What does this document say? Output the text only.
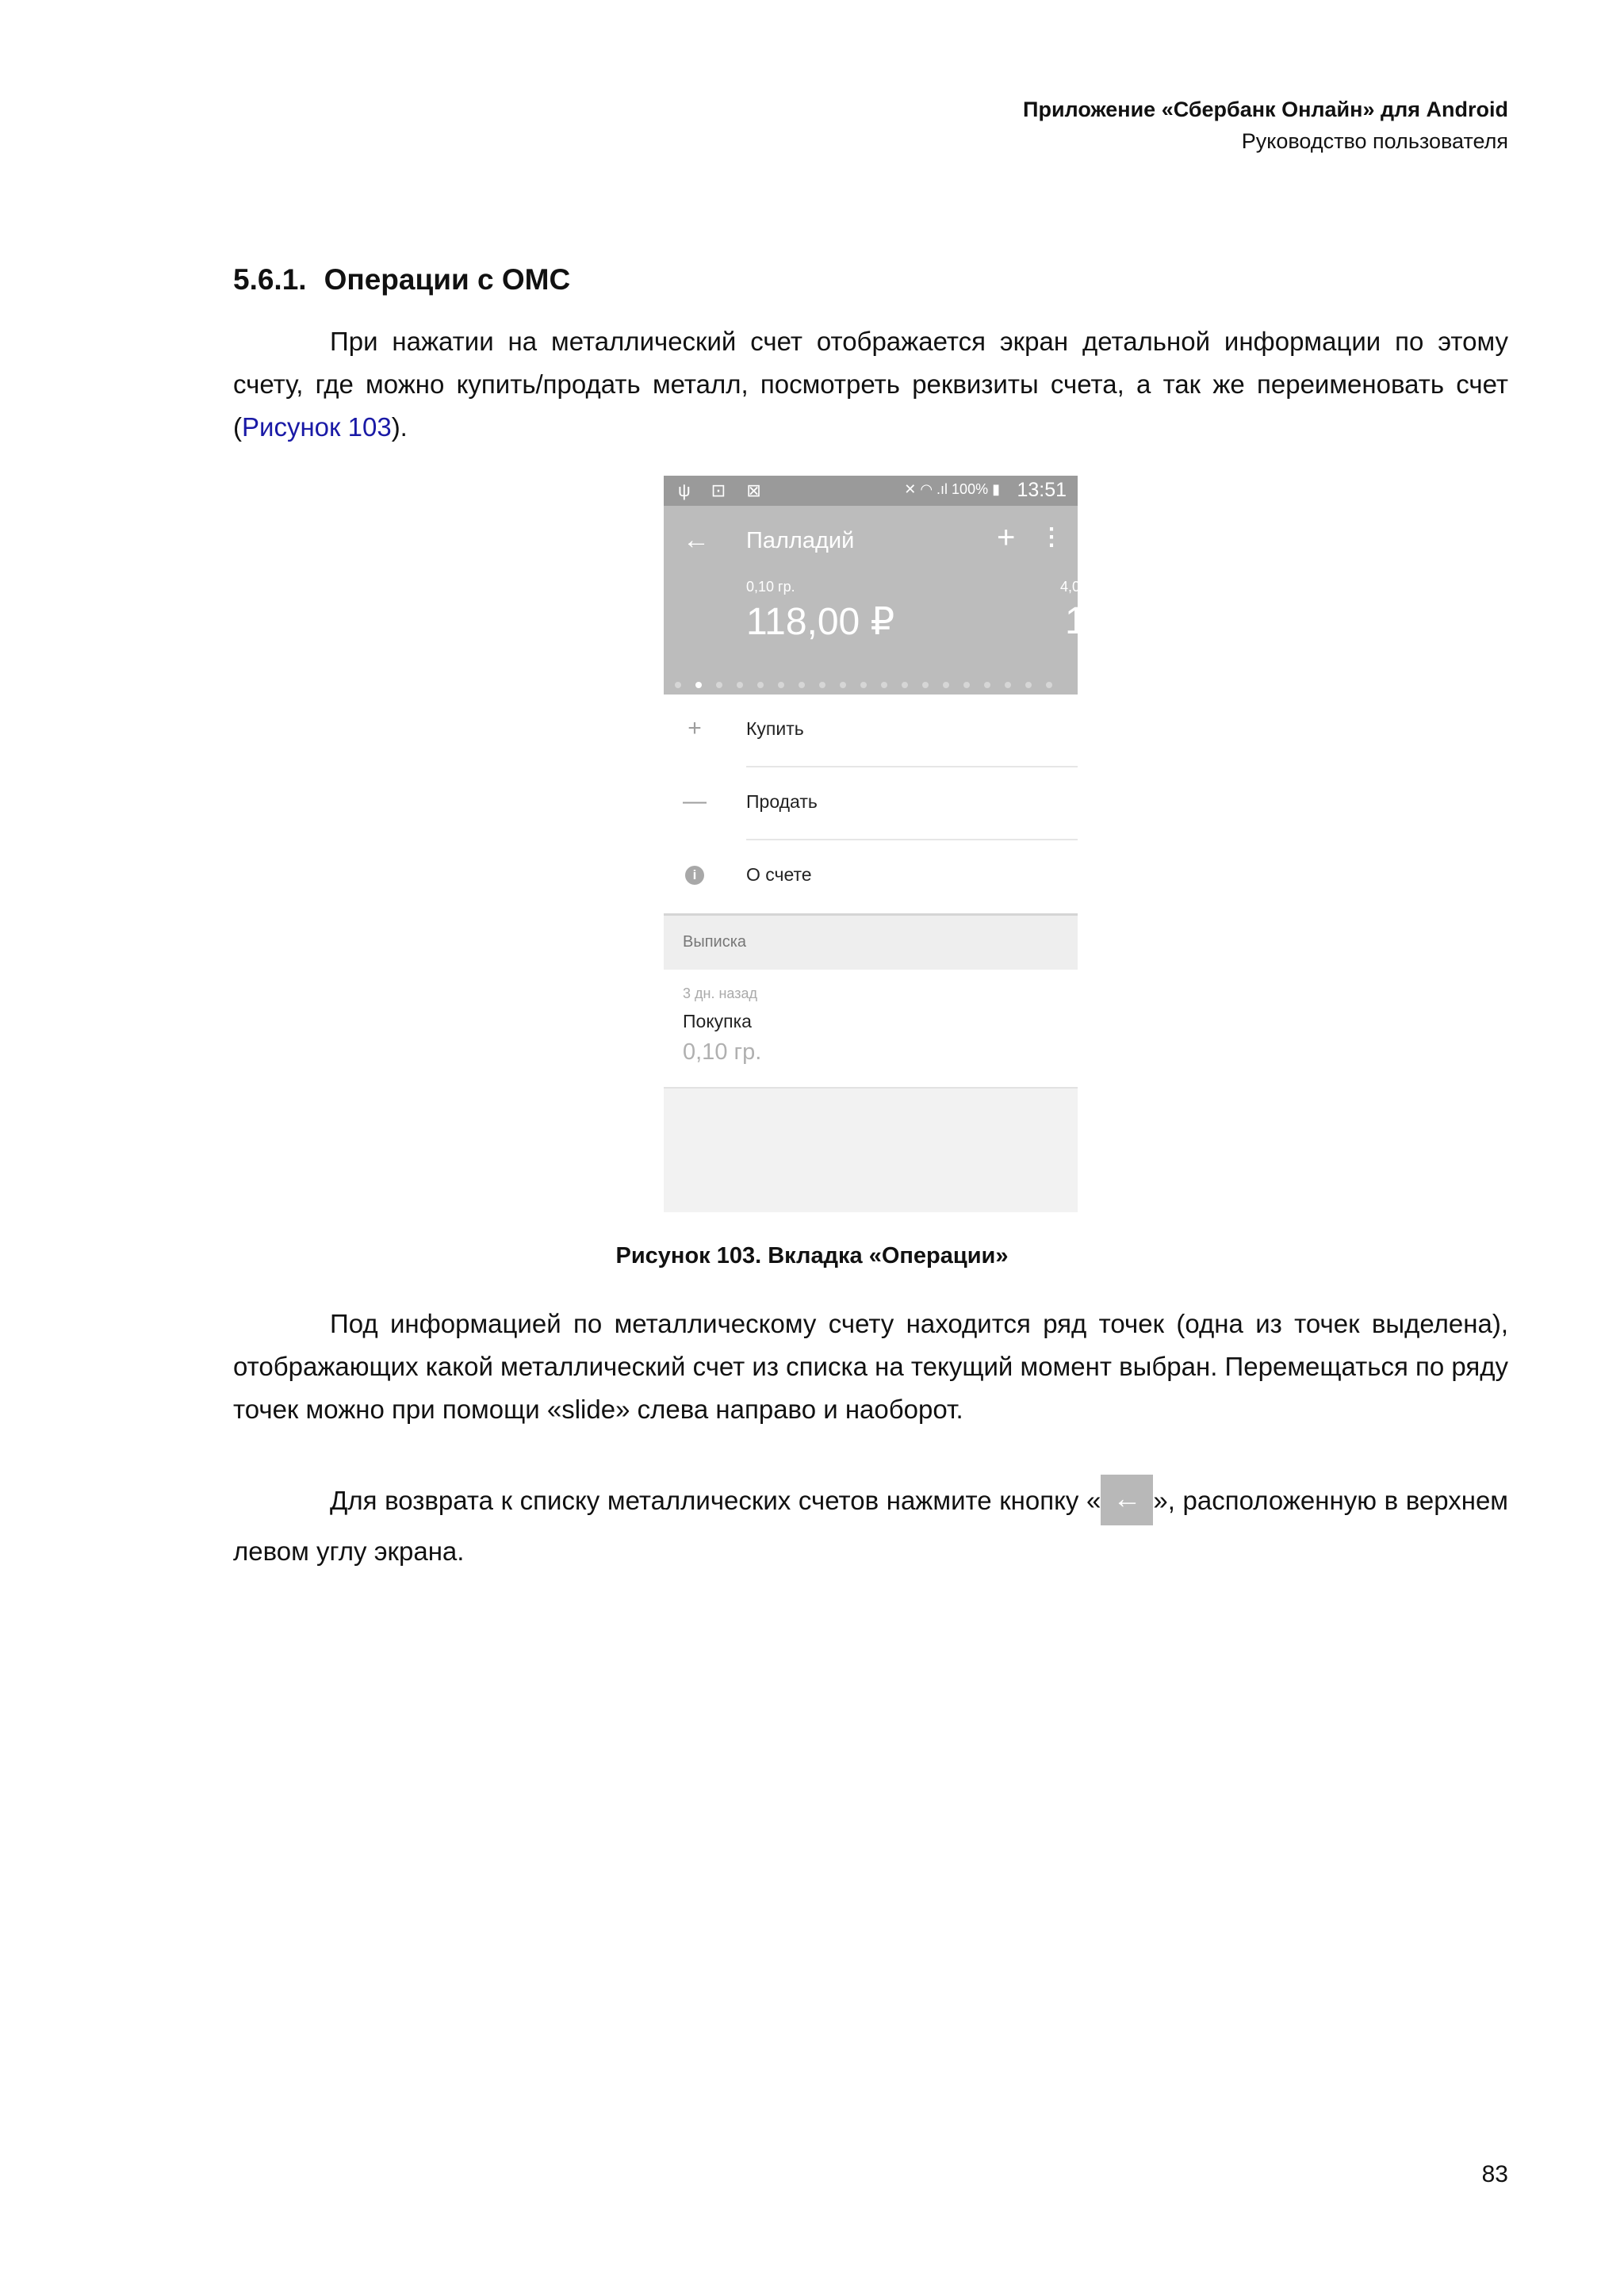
Приложение «Сбербанк Онлайн» для Android
Руководство пользователя
5.6.1. Операции с ОМС
При нажатии на металлический счет отображается экран детальной информации по этому счету, где можно купить/продать металл, посмотреть реквизиты счета, а так же переименовать счет (Рисунок 103).
ψ ⊡ ⊠	✕ ◠ .ıl 100% ▮ 13:51
← Палладий	+ ⋮
0,10 гр.
118,00 ₽
4,0
1
+ Купить
— Продать
i	О счете
Выписка
3 дн. назад
Покупка
0,10 гр.
Рисунок 103. Вкладка «Операции»
Под информацией по металлическому счету находится ряд точек (одна из точек выделена), отображающих какой металлический счет из списка на текущий момент выбран. Перемещаться по ряду точек можно при помощи «slide» слева направо и наоборот.
Для возврата к списку металлических счетов нажмите кнопку « ← », расположенную в верхнем левом углу экрана.
83
